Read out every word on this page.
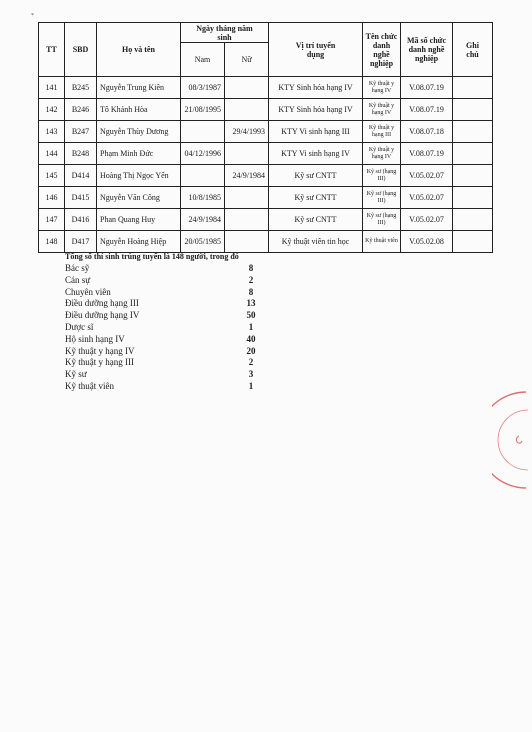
*
TT	SBD	Họ và tên	Ngày tháng năm sinh		Vị trí tuyển dụng	Tên chức danh nghề nghiệp	Mã số chức danh nghề nghiệp	Ghi chú
			Nam	Nữ				
141	B245	Nguyễn Trung Kiên	08/3/1987		KTY Sinh hóa hạng IV	Kỹ thuật y hạng IV	V.08.07.19	
142	B246	Tô Khánh Hòa	21/08/1995		KTY Sinh hóa hạng IV	Kỹ thuật y hạng IV	V.08.07.19	
143	B247	Nguyễn Thùy Dương		29/4/1993	KTY Vi sinh hạng III	Kỹ thuật y hạng III	V.08.07.18	
144	B248	Phạm Minh Đức	04/12/1996		KTY Vi sinh hạng IV	Kỹ thuật y hạng IV	V.08.07.19	
145	D414	Hoàng Thị Ngọc Yến		24/9/1984	Kỹ sư CNTT	Kỹ sư (hạng III)	V.05.02.07	
146	D415	Nguyễn Văn Công	10/8/1985		Kỹ sư CNTT	Kỹ sư (hạng III)	V.05.02.07	
147	D416	Phan Quang Huy	24/9/1984		Kỹ sư CNTT	Kỹ sư (hạng III)	V.05.02.07	
148	D417	Nguyễn Hoàng Hiệp	20/05/1985		Kỹ thuật viên tin học	Kỹ thuật viên	V.05.02.08	
Tổng số thí sinh trúng tuyển là 148 người, trong đó
Bác sỹ	8
Cán sự	2
Chuyên viên	8
Điều dưỡng hạng III	13
Điều dưỡng hạng IV	50
Dược sĩ	1
Hộ sinh hạng IV	40
Kỹ thuật y hạng IV	20
Kỹ thuật y hạng III	2
Kỹ sư	3
Kỹ thuật viên	1
